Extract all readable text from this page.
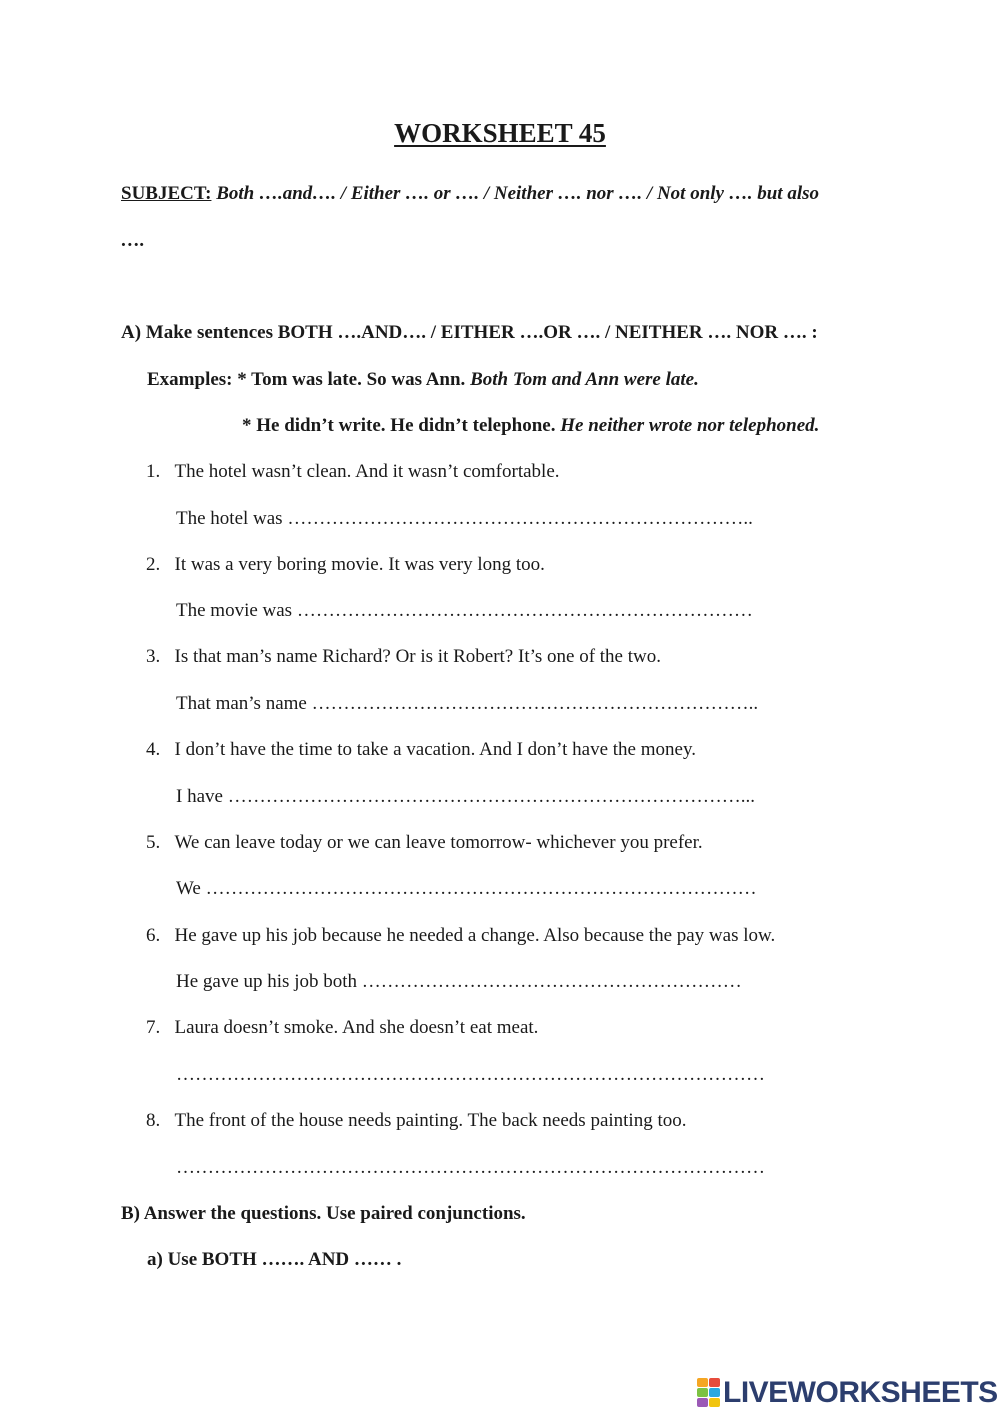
WORKSHEET 45
SUBJECT: Both ….and…. / Either …. or …. / Neither …. nor …. / Not only …. but also
….
A) Make sentences BOTH ….AND…. / EITHER ….OR …. / NEITHER …. NOR …. :
Examples: * Tom was late. So was Ann. Both Tom and Ann were late.
* He didn’t write. He didn’t telephone. He neither wrote nor telephoned.
1. The hotel wasn’t clean. And it wasn’t comfortable.
The hotel was ………………………………………………………………..
2. It was a very boring movie. It was very long too.
The movie was ………………………………………………………………
3. Is that man’s name Richard? Or is it Robert? It’s one of the two.
That man’s name ……………………………………………………………..
4. I don’t have the time to take a vacation. And I don’t have the money.
I have ………………………………………………………………………...
5. We can leave today or we can leave tomorrow- whichever you prefer.
We ……………………………………………………………………………
6. He gave up his job because he needed a change. Also because the pay was low.
He gave up his job both ……………………………………………………
7. Laura doesn’t smoke. And she doesn’t eat meat.
…………………………………………………………………………………
8. The front of the house needs painting. The back needs painting too.
…………………………………………………………………………………
B) Answer the questions. Use paired conjunctions.
a) Use BOTH ……. AND …… .
LIVEWORKSHEETS
